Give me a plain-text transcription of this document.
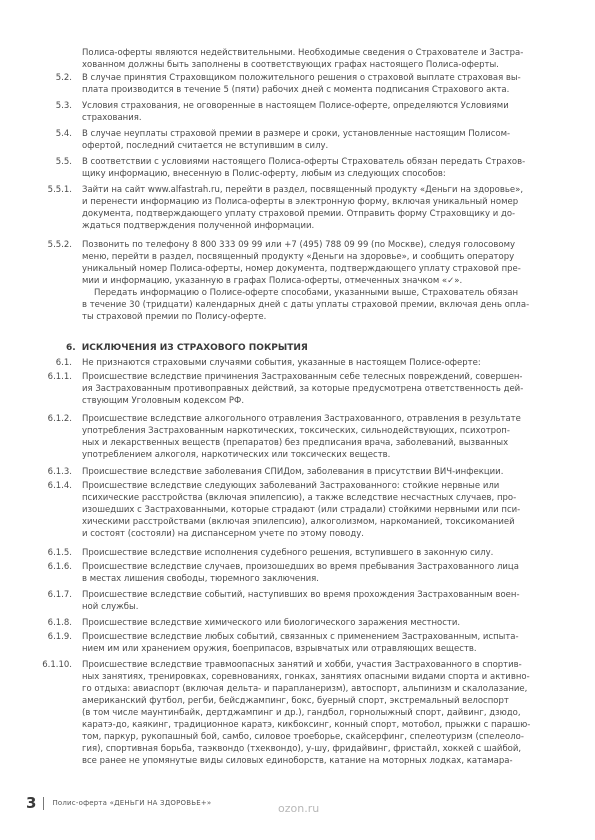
Полиса-оферты являются недействительными. Необходимые сведения о Страхователе и Застра-
хованном должны быть заполнены в соответствующих графах настоящего Полиса-оферты.
5.2. В случае принятия Страховщиком положительного решения о страховой выплате страховая вы-
плата производится в течение 5 (пяти) рабочих дней с момента подписания Страхового акта.
5.3. Условия страхования, не оговоренные в настоящем Полисе-оферте, определяются Условиями
страхования.
5.4. В случае неуплаты страховой премии в размере и сроки, установленные настоящим Полисом-
офертой, последний считается не вступившим в силу.
5.5. В соответствии с условиями настоящего Полиса-оферты Страхователь обязан передать Страхов-
щику информацию, внесенную в Полис-оферту, любым из следующих способов:
5.5.1. Зайти на сайт www.alfastrah.ru, перейти в раздел, посвященный продукту «Деньги на здоровье»,
и перенести информацию из Полиса-оферты в электронную форму, включая уникальный номер
документа, подтверждающего уплату страховой премии. Отправить форму Страховщику и до-
ждаться подтверждения полученной информации.
5.5.2. Позвонить по телефону 8 800 333 09 99 или +7 (495) 788 09 99 (по Москве), следуя голосовому
меню, перейти в раздел, посвященный продукту «Деньги на здоровье», и сообщить оператору
уникальный номер Полиса-оферты, номер документа, подтверждающего уплату страховой пре-
мии и информацию, указанную в графах Полиса-оферты, отмеченных значком «✓».
Передать информацию о Полисе-оферте способами, указанными выше, Страхователь обязан
в течение 30 (тридцати) календарных дней с даты уплаты страховой премии, включая день опла-
ты страховой премии по Полису-оферте.
6. ИСКЛЮЧЕНИЯ ИЗ СТРАХОВОГО ПОКРЫТИЯ
6.1. Не признаются страховыми случаями события, указанные в настоящем Полисе-оферте:
6.1.1. Происшествие вследствие причинения Застрахованным себе телесных повреждений, совершен-
ия Застрахованным противоправных действий, за которые предусмотрена ответственность дей-
ствующим Уголовным кодексом РФ.
6.1.2. Происшествие вследствие алкогольного отравления Застрахованного, отравления в результате
употребления Застрахованным наркотических, токсических, сильнодействующих, психотроп-
ных и лекарственных веществ (препаратов) без предписания врача, заболеваний, вызванных
употреблением алкоголя, наркотических или токсических веществ.
6.1.3. Происшествие вследствие заболевания СПИДом, заболевания в присутствии ВИЧ-инфекции.
6.1.4. Происшествие вследствие следующих заболеваний Застрахованного: стойкие нервные или
психические расстройства (включая эпилепсию), а также вследствие несчастных случаев, про-
изошедших с Застрахованными, которые страдают (или страдали) стойкими нервными или пси-
хическими расстройствами (включая эпилепсию), алкоголизмом, наркоманией, токсикоманией
и состоят (состояли) на диспансерном учете по этому поводу.
6.1.5. Происшествие вследствие исполнения судебного решения, вступившего в законную силу.
6.1.6. Происшествие вследствие случаев, произошедших во время пребывания Застрахованного лица
в местах лишения свободы, тюремного заключения.
6.1.7. Происшествие вследствие событий, наступивших во время прохождения Застрахованным воен-
ной службы.
6.1.8. Происшествие вследствие химического или биологического заражения местности.
6.1.9. Происшествие вследствие любых событий, связанных с применением Застрахованным, испыта-
нием им или хранением оружия, боеприпасов, взрывчатых или отравляющих веществ.
6.1.10. Происшествие вследствие травмоопасных занятий и хобби, участия Застрахованного в спортив-
ных занятиях, тренировках, соревнованиях, гонках, занятиях опасными видами спорта и активно-
го отдыха: авиаспорт (включая дельта- и параплaнеризм), автоспорт, альпинизм и скалолазание,
американский футбол, регби, бейсджампинг, бокс, буерный спорт, экстремальный велоспорт
(в том числе маунтинбайк, дертджампинг и др.), гандбол, горнолыжный спорт, дайвинг, дзюдо,
каратэ-до, каякинг, традиционное каратэ, кикбоксинг, конный спорт, мотобол, прыжки с парашю-
том, паркур, рукопашный бой, самбо, силовое троеборье, скайсерфинг, спелеотуризм (спелеоло-
гия), спортивная борьба, таэквондо (тхеквондо), у-шу, фридайвинг, фристайл, хоккей с шайбой,
все ранее не упомянутые виды силовых единоборств, катание на моторных лодках, катамара-
3 Полис-оферта «ДЕНЬГИ НА ЗДОРОВЬЕ+»	ozon.ru
